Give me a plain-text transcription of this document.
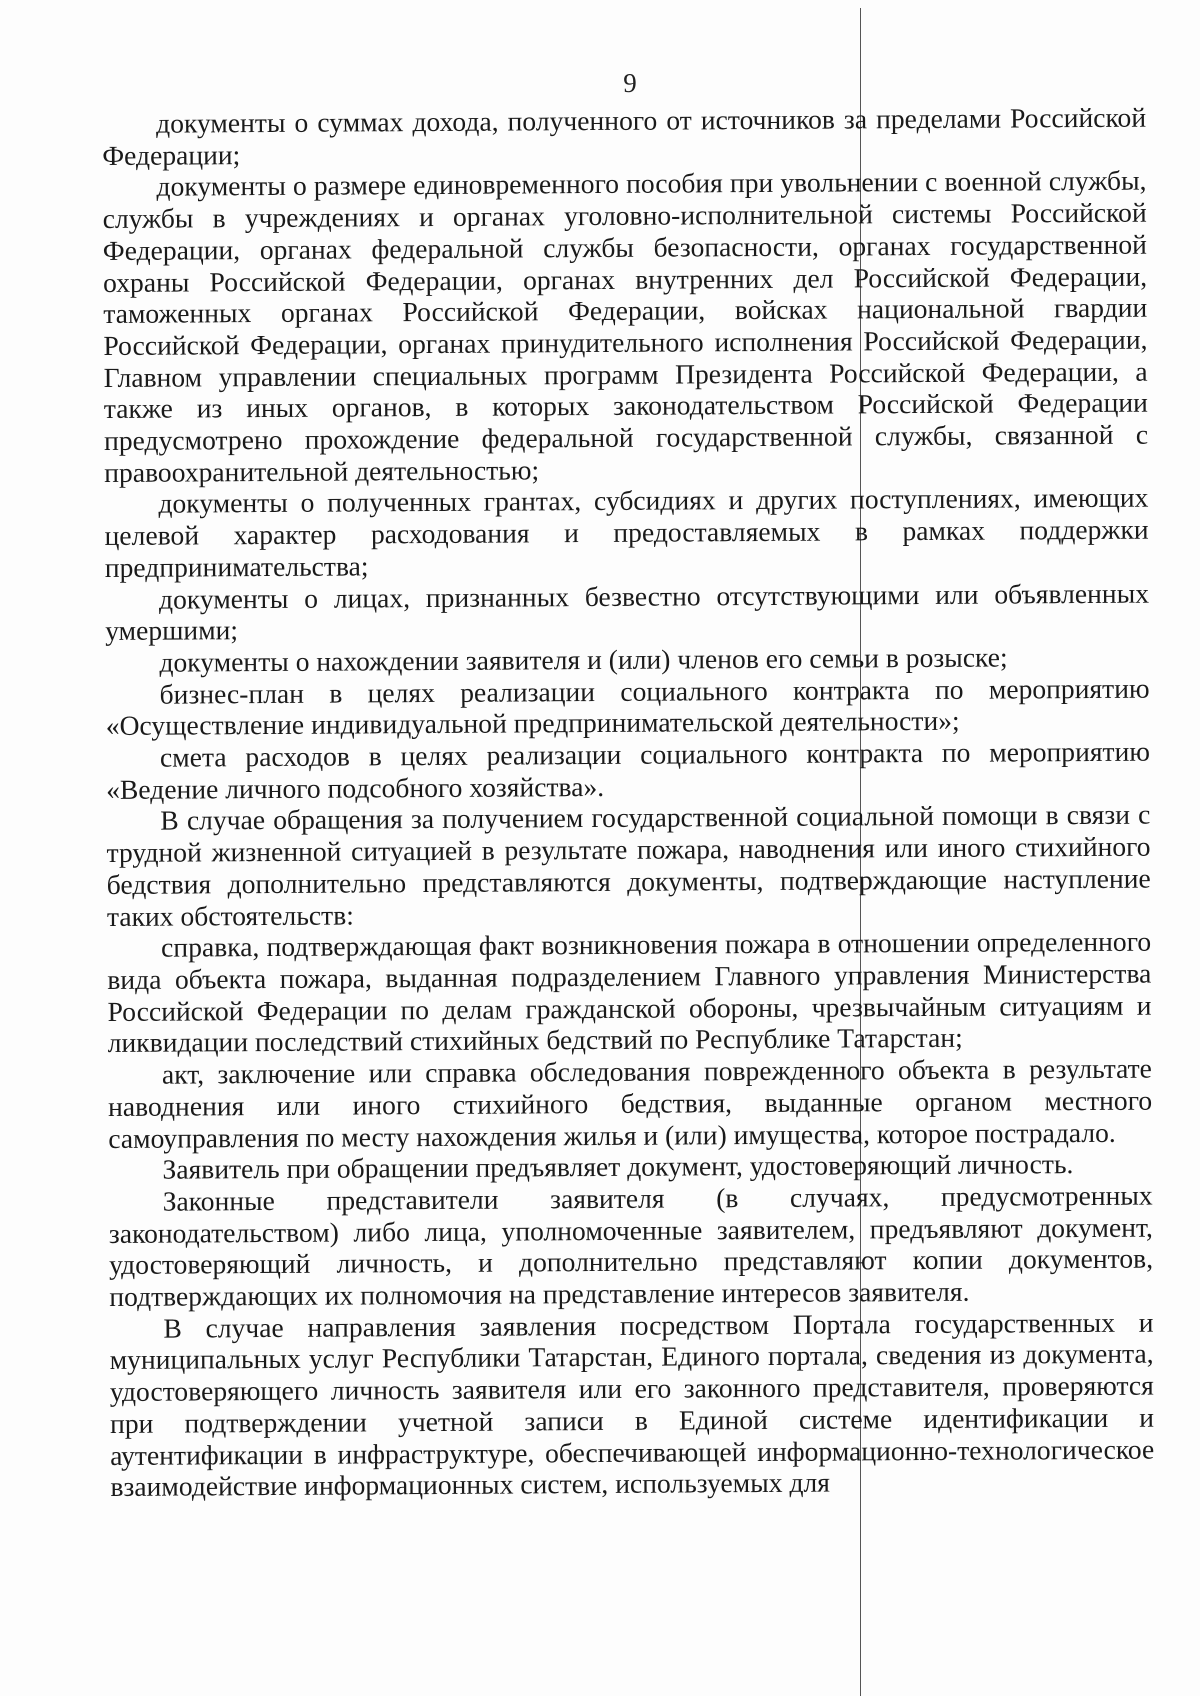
9

документы о суммах дохода, полученного от источников за пределами Российской Федерации;

документы о размере единовременного пособия при увольнении с военной службы, службы в учреждениях и органах уголовно-исполнительной системы Российской Федерации, органах федеральной службы безопасности, органах государственной охраны Российской Федерации, органах внутренних дел Российской Федерации, таможенных органах Российской Федерации, войсках национальной гвардии Российской Федерации, органах принудительного исполнения Российской Федерации, Главном управлении специальных программ Президента Российской Федерации, а также из иных органов, в которых законодательством Российской Федерации предусмотрено прохождение федеральной государственной службы, связанной с правоохранительной деятельностью;

документы о полученных грантах, субсидиях и других поступлениях, имеющих целевой характер расходования и предоставляемых в рамках поддержки предпринимательства;

документы о лицах, признанных безвестно отсутствующими или объявленных умершими;

документы о нахождении заявителя и (или) членов его семьи в розыске;

бизнес-план в целях реализации социального контракта по мероприятию «Осуществление индивидуальной предпринимательской деятельности»;

смета расходов в целях реализации социального контракта по мероприятию «Ведение личного подсобного хозяйства».

В случае обращения за получением государственной социальной помощи в связи с трудной жизненной ситуацией в результате пожара, наводнения или иного стихийного бедствия дополнительно представляются документы, подтверждающие наступление таких обстоятельств:

справка, подтверждающая факт возникновения пожара в отношении определенного вида объекта пожара, выданная подразделением Главного управления Министерства Российской Федерации по делам гражданской обороны, чрезвычайным ситуациям и ликвидации последствий стихийных бедствий по Республике Татарстан;

акт, заключение или справка обследования поврежденного объекта в результате наводнения или иного стихийного бедствия, выданные органом местного самоуправления по месту нахождения жилья и (или) имущества, которое пострадало.

Заявитель при обращении предъявляет документ, удостоверяющий личность.

Законные представители заявителя (в случаях, предусмотренных законодательством) либо лица, уполномоченные заявителем, предъявляют документ, удостоверяющий личность, и дополнительно представляют копии документов, подтверждающих их полномочия на представление интересов заявителя.

В случае направления заявления посредством Портала государственных и муниципальных услуг Республики Татарстан, Единого портала, сведения из документа, удостоверяющего личность заявителя или его законного представителя, проверяются при подтверждении учетной записи в Единой системе идентификации и аутентификации в инфраструктуре, обеспечивающей информационно-технологическое взаимодействие информационных систем, используемых для
